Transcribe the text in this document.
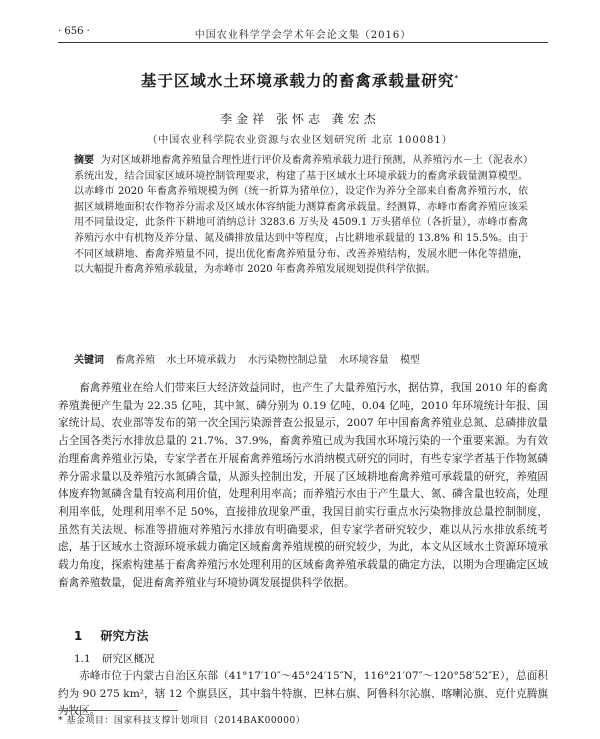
· 656 ·	中国农业科学学会学术年会论文集（2016）
基于区域水土环境承载力的畜禽承载量研究*
李金祥 张怀志 龚宏杰
（中国农业科学院农业资源与农业区划研究所 北京 100081）
摘要 为对区域耕地畜禽养殖量合理性进行评价及畜禽养殖承载力进行预测，从养殖污水－土（泥表水）系统出发，结合国家区域环境控制管理要求，构建了基于区域水土环境承载力的畜禽承载量测算模型。以赤峰市 2020 年畜禽养殖规模为例（统一折算为猪单位），设定作为养分全部来自畜禽养殖污水，依据区域耕地面积农作物养分需求及区域水体容纳能力测算畜禽承载量。经测算，赤峰市畜禽养殖应该采用不同量设定，此条件下耕地可消纳总计 3283.6 万头及 4509.1 万头猪单位（各折量），赤峰市畜禽养殖污水中有机物及养分量、氮及磷排放量达到中等程度，占比耕地承载量的 13.8% 和 15.5%。由于不同区域耕地、畜禽养殖量不同，提出优化畜禽养殖量分布、改善养殖结构，发展水肥一体化等措施，以大幅提升畜禽养殖承载量，为赤峰市 2020 年畜禽养殖发展规划提供科学依据。
关键词 畜禽养殖 水土环境承载力 水污染物控制总量 水环境容量 模型
畜禽养殖业在给人们带来巨大经济效益同时，也产生了大量养殖污水，据估算，我国 2010 年的畜禽养殖粪便产生量为 22.35 亿吨，其中氮、磷分别为 0.19 亿吨、0.04 亿吨，2010 年环境统计年报、国家统计局、农业部等发布的第一次全国污染源普查公报显示，2007 年中国畜禽养殖业总氮、总磷排放量占全国各类污水排放总量的 21.7%、37.9%，畜禽养殖已成为我国水环境污染的一个重要来源。为有效治理畜禽养殖业污染，专家学者在开展畜禽养殖场污水消纳模式研究的同时，有些专家学者基于作物氮磷养分需求量以及养殖污水氮磷含量，从源头控制出发，开展了区域耕地畜禽养殖可承载量的研究，养殖固体废弃物氮磷含量有较高利用价值，处理利用率高；而养殖污水由于产生量大、氮、磷含量也较高，处理利用率低，处理利用率不足 50%，直接排放现象严重，我国目前实行重点水污染物排放总量控制制度，虽然有关法规、标准等措施对养殖污水排放有明确要求，但专家学者研究较少，难以从污水排放系统考虑，基于区域水土资源环境承载力确定区域畜禽养殖规模的研究较少，为此，本文从区域水土资源环境承载力角度，探索构建基于畜禽养殖污水处理利用的区域畜禽养殖承载量的确定方法，以期为合理确定区域畜禽养殖数量，促进畜禽养殖业与环境协调发展提供科学依据。
1 研究方法
1.1 研究区概况
赤峰市位于内蒙古自治区东部（41°17′10″～45°24′15″N，116°21′07″～120°58′52″E），总面积约为 90 275 km²，辖 12 个旗县区，其中翁牛特旗、巴林右旗、阿鲁科尔沁旗、喀喇沁旗、克什克腾旗为牧区。
* 基金项目：国家科技支撑计划项目（2014BAK00000）
